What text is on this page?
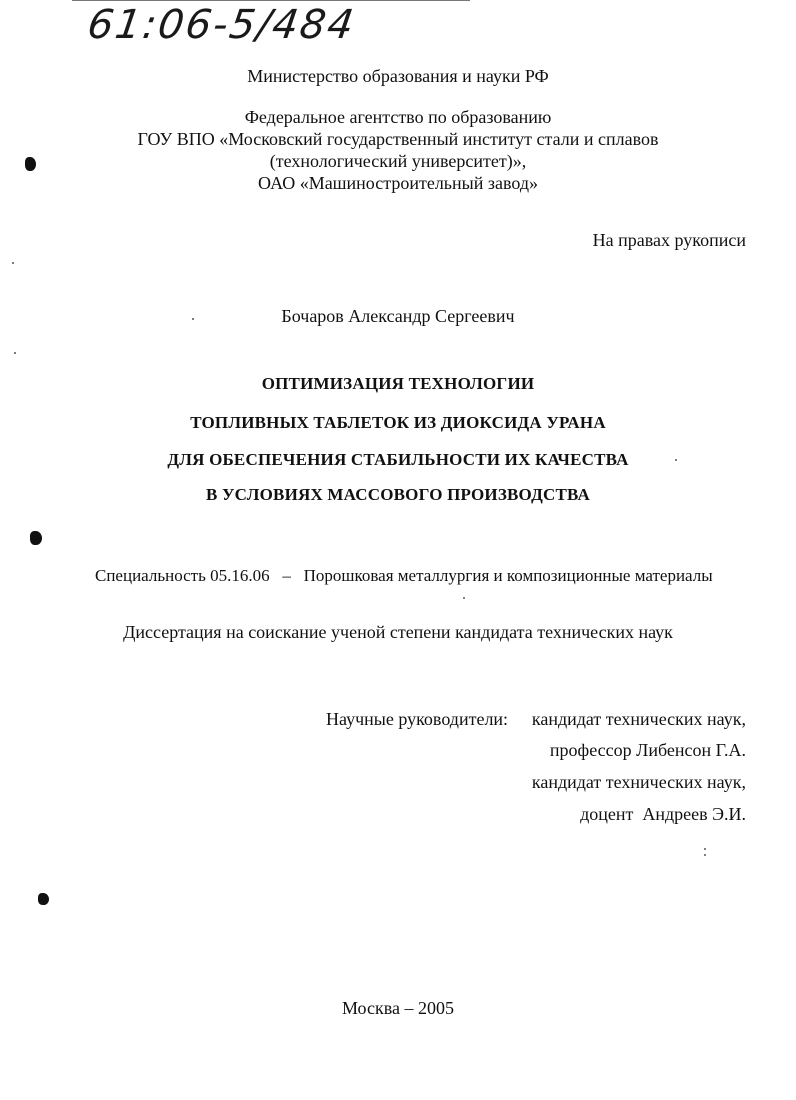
61:06-5/484
Министерство образования и науки РФ
Федеральное агентство по образованию
ГОУ ВПО «Московский государственный институт стали и сплавов
(технологический университет)»,
ОАО «Машиностроительный завод»
На правах рукописи
Бочаров Александр Сергеевич
ОПТИМИЗАЦИЯ ТЕХНОЛОГИИ
ТОПЛИВНЫХ ТАБЛЕТОК ИЗ ДИОКСИДА УРАНА
ДЛЯ ОБЕСПЕЧЕНИЯ СТАБИЛЬНОСТИ ИХ КАЧЕСТВА
В УСЛОВИЯХ МАССОВОГО ПРОИЗВОДСТВА
Специальность 05.16.06   –   Порошковая металлургия и композиционные материалы
Диссертация на соискание ученой степени кандидата технических наук
Научные руководители: кандидат технических наук,
профессор Либенсон Г.А.
кандидат технических наук,
доцент  Андреев Э.И.
Москва – 2005
